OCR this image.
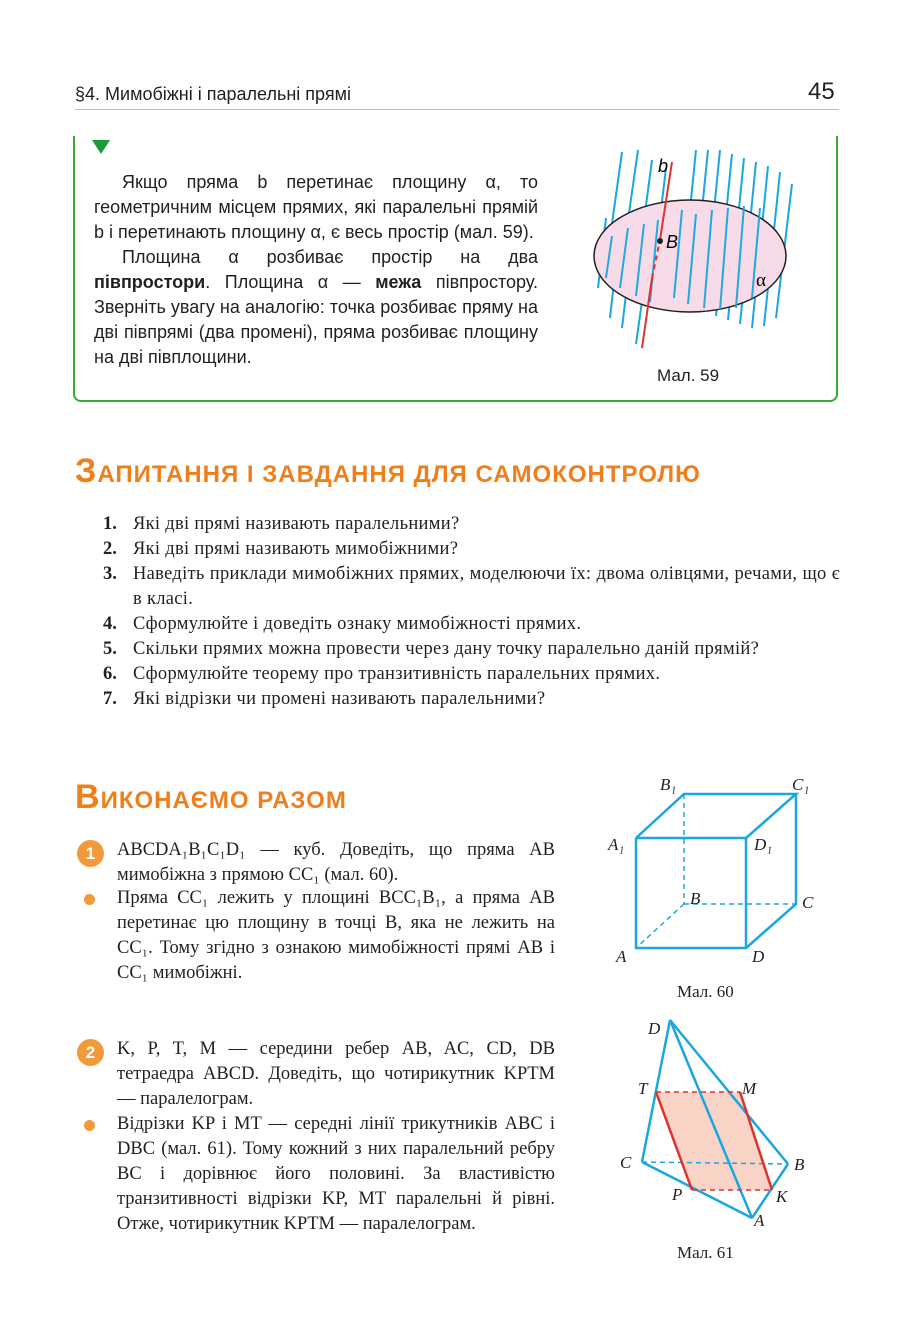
§4. Мимобіжні і паралельні прямі	45

Якщо пряма b перетинає площину α, то геометричним місцем прямих, які паралельні прямій b і перетинають площину α, є весь простір (мал. 59).

Площина α розбиває простір на два півпростори. Площина α — межа півпростору. Зверніть увагу на аналогію: точка розбиває пряму на дві півпрямі (два промені), пряма розбиває площину на дві півплощини.

b
B
α
Мал. 59
ЗАПИТАННЯ І ЗАВДАННЯ ДЛЯ САМОКОНТРОЛЮ
1. Які дві прямі називають паралельними?
2. Які дві прямі називають мимобіжними?
3. Наведіть приклади мимобіжних прямих, моделюючи їх: двома олівцями, речами, що є в класі.
4. Сформулюйте і доведіть ознаку мимобіжності прямих.
5. Скільки прямих можна провести через дану точку паралельно даній прямій?
6. Сформулюйте теорему про транзитивність паралельних прямих.
7. Які відрізки чи промені називають паралельними?
ВИКОНАЄМО РАЗОМ
1	ABCDA₁B₁C₁D₁ — куб. Доведіть, що пряма AB мимобіжна з прямою CC₁ (мал. 60).
Пряма CC₁ лежить у площині BCC₁B₁, а пряма AB перетинає цю площину в точці B, яка не лежить на CC₁. Тому згідно з ознакою мимобіжності прямі AB і CC₁ мимобіжні.
2	K, P, T, M — середини ребер AB, AC, CD, DB тетраедра ABCD. Доведіть, що чотирикутник KPTM — паралелограм.
Відрізки KP і MT — середні лінії трикутників ABC і DBC (мал. 61). Тому кожний з них паралельний ребру BC і дорівнює його половині. За властивістю транзитивності відрізки KP, MT паралельні й рівні. Отже, чотирикутник KPTM — паралелограм.
B₁	C₁
A₁	D₁
B	C
A	D
Мал. 60
D
T	M
C	B
P	K
A
Мал. 61
